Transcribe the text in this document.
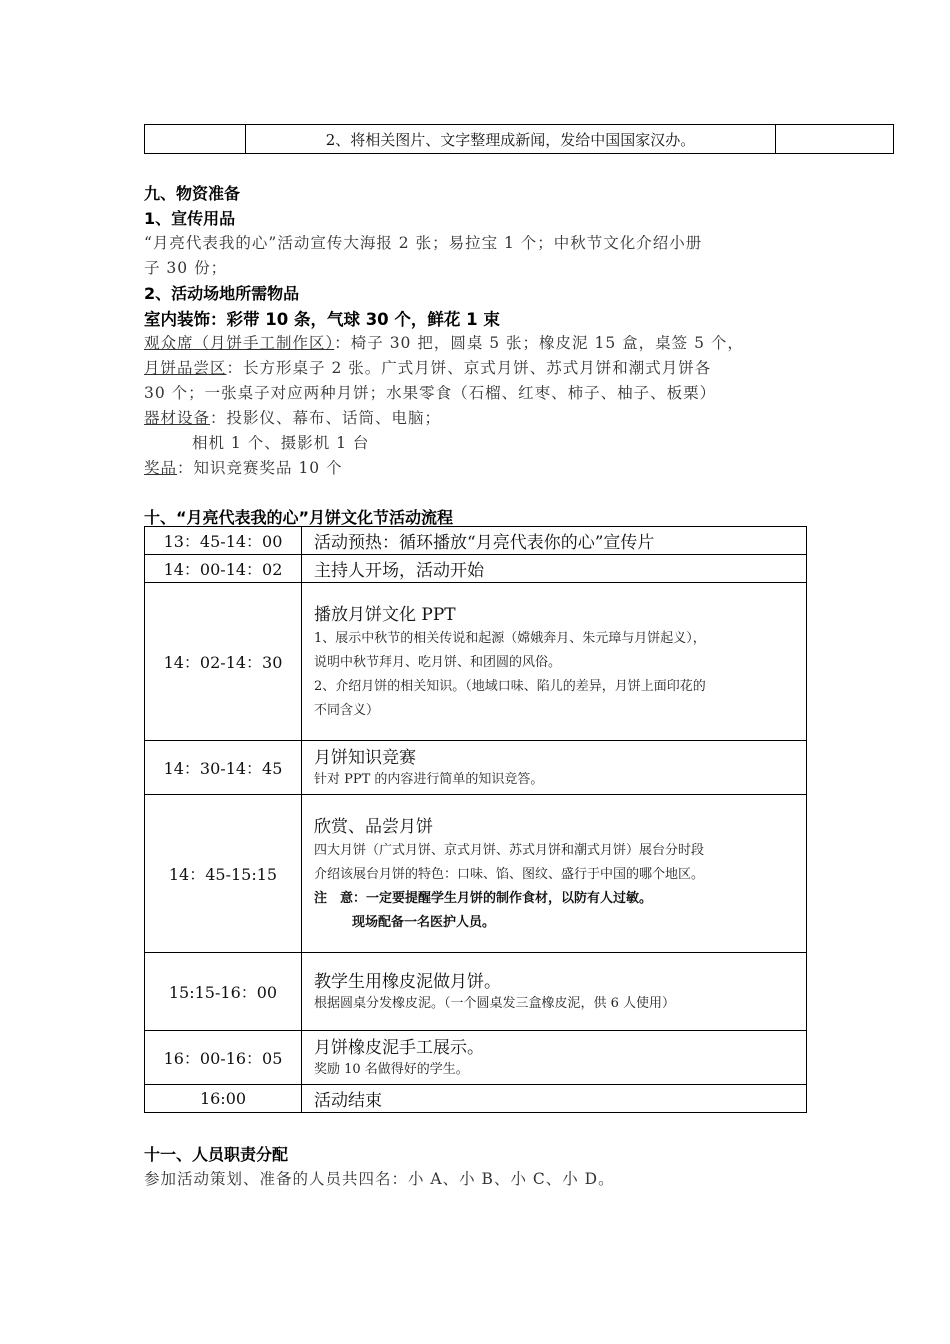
	2、将相关图片、文字整理成新闻，发给中国国家汉办。	
九、物资准备
1、宣传用品
“月亮代表我的心”活动宣传大海报 2 张；易拉宝 1 个；中秋节文化介绍小册
子 30 份；
2、活动场地所需物品
室内装饰：彩带 10 条，气球 30 个，鲜花 1 束
观众席（月饼手工制作区）：椅子 30 把，圆桌 5 张；橡皮泥 15 盒，桌签 5 个，
月饼品尝区：长方形桌子 2 张。广式月饼、京式月饼、苏式月饼和潮式月饼各
30 个；一张桌子对应两种月饼；水果零食（石榴、红枣、柿子、柚子、板栗）
器材设备：投影仪、幕布、话筒、电脑；
相机 1 个、摄影机 1 台
奖品：知识竞赛奖品 10 个
十、“月亮代表我的心”月饼文化节活动流程
13：45-14：00	活动预热：循环播放“月亮代表你的心”宣传片
14：00-14：02	主持人开场，活动开始
14：02-14：30	播放月饼文化 PPT
1、展示中秋节的相关传说和起源（嫦娥奔月、朱元璋与月饼起义），
说明中秋节拜月、吃月饼、和团圆的风俗。
2、介绍月饼的相关知识。（地域口味、陷儿的差异，月饼上面印花的
不同含义）

14：30-14：45	月饼知识竞赛
针对 PPT 的内容进行简单的知识竞答。

14：45-15:15	欣赏、品尝月饼
四大月饼（广式月饼、京式月饼、苏式月饼和潮式月饼）展台分时段
介绍该展台月饼的特色：口味、馅、图纹、盛行于中国的哪个地区。
注　意：一定要提醒学生月饼的制作食材，以防有人过敏。
现场配备一名医护人员。

15:15-16：00	教学生用橡皮泥做月饼。
根据圆桌分发橡皮泥。（一个圆桌发三盒橡皮泥，供 6 人使用）

16：00-16：05	月饼橡皮泥手工展示。
奖励 10 名做得好的学生。

16:00	活动结束
十一、人员职责分配
参加活动策划、准备的人员共四名：小 A、小 B、小 C、小 D。
